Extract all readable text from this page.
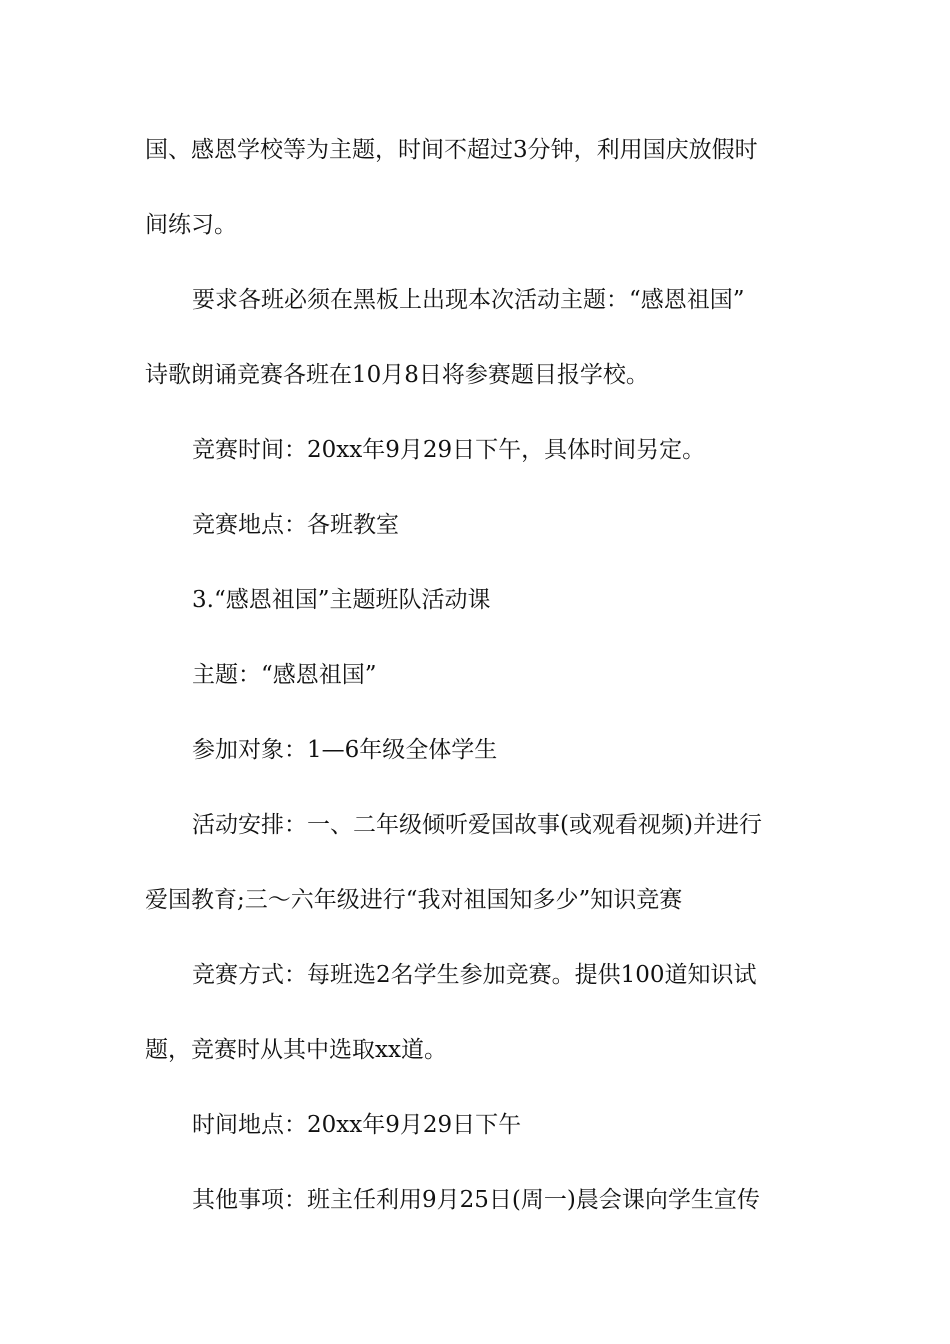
国、感恩学校等为主题，时间不超过3分钟，利用国庆放假时
间练习。
要求各班必须在黑板上出现本次活动主题：“感恩祖国”
诗歌朗诵竞赛各班在10月8日将参赛题目报学校。
竞赛时间：20xx年9月29日下午，具体时间另定。
竞赛地点：各班教室
3.“感恩祖国”主题班队活动课
主题：“感恩祖国”
参加对象：1—6年级全体学生
活动安排：一、二年级倾听爱国故事(或观看视频)并进行
爱国教育;三～六年级进行“我对祖国知多少”知识竞赛
竞赛方式：每班选2名学生参加竞赛。提供100道知识试
题，竞赛时从其中选取xx道。
时间地点：20xx年9月29日下午
其他事项：班主任利用9月25日(周一)晨会课向学生宣传
